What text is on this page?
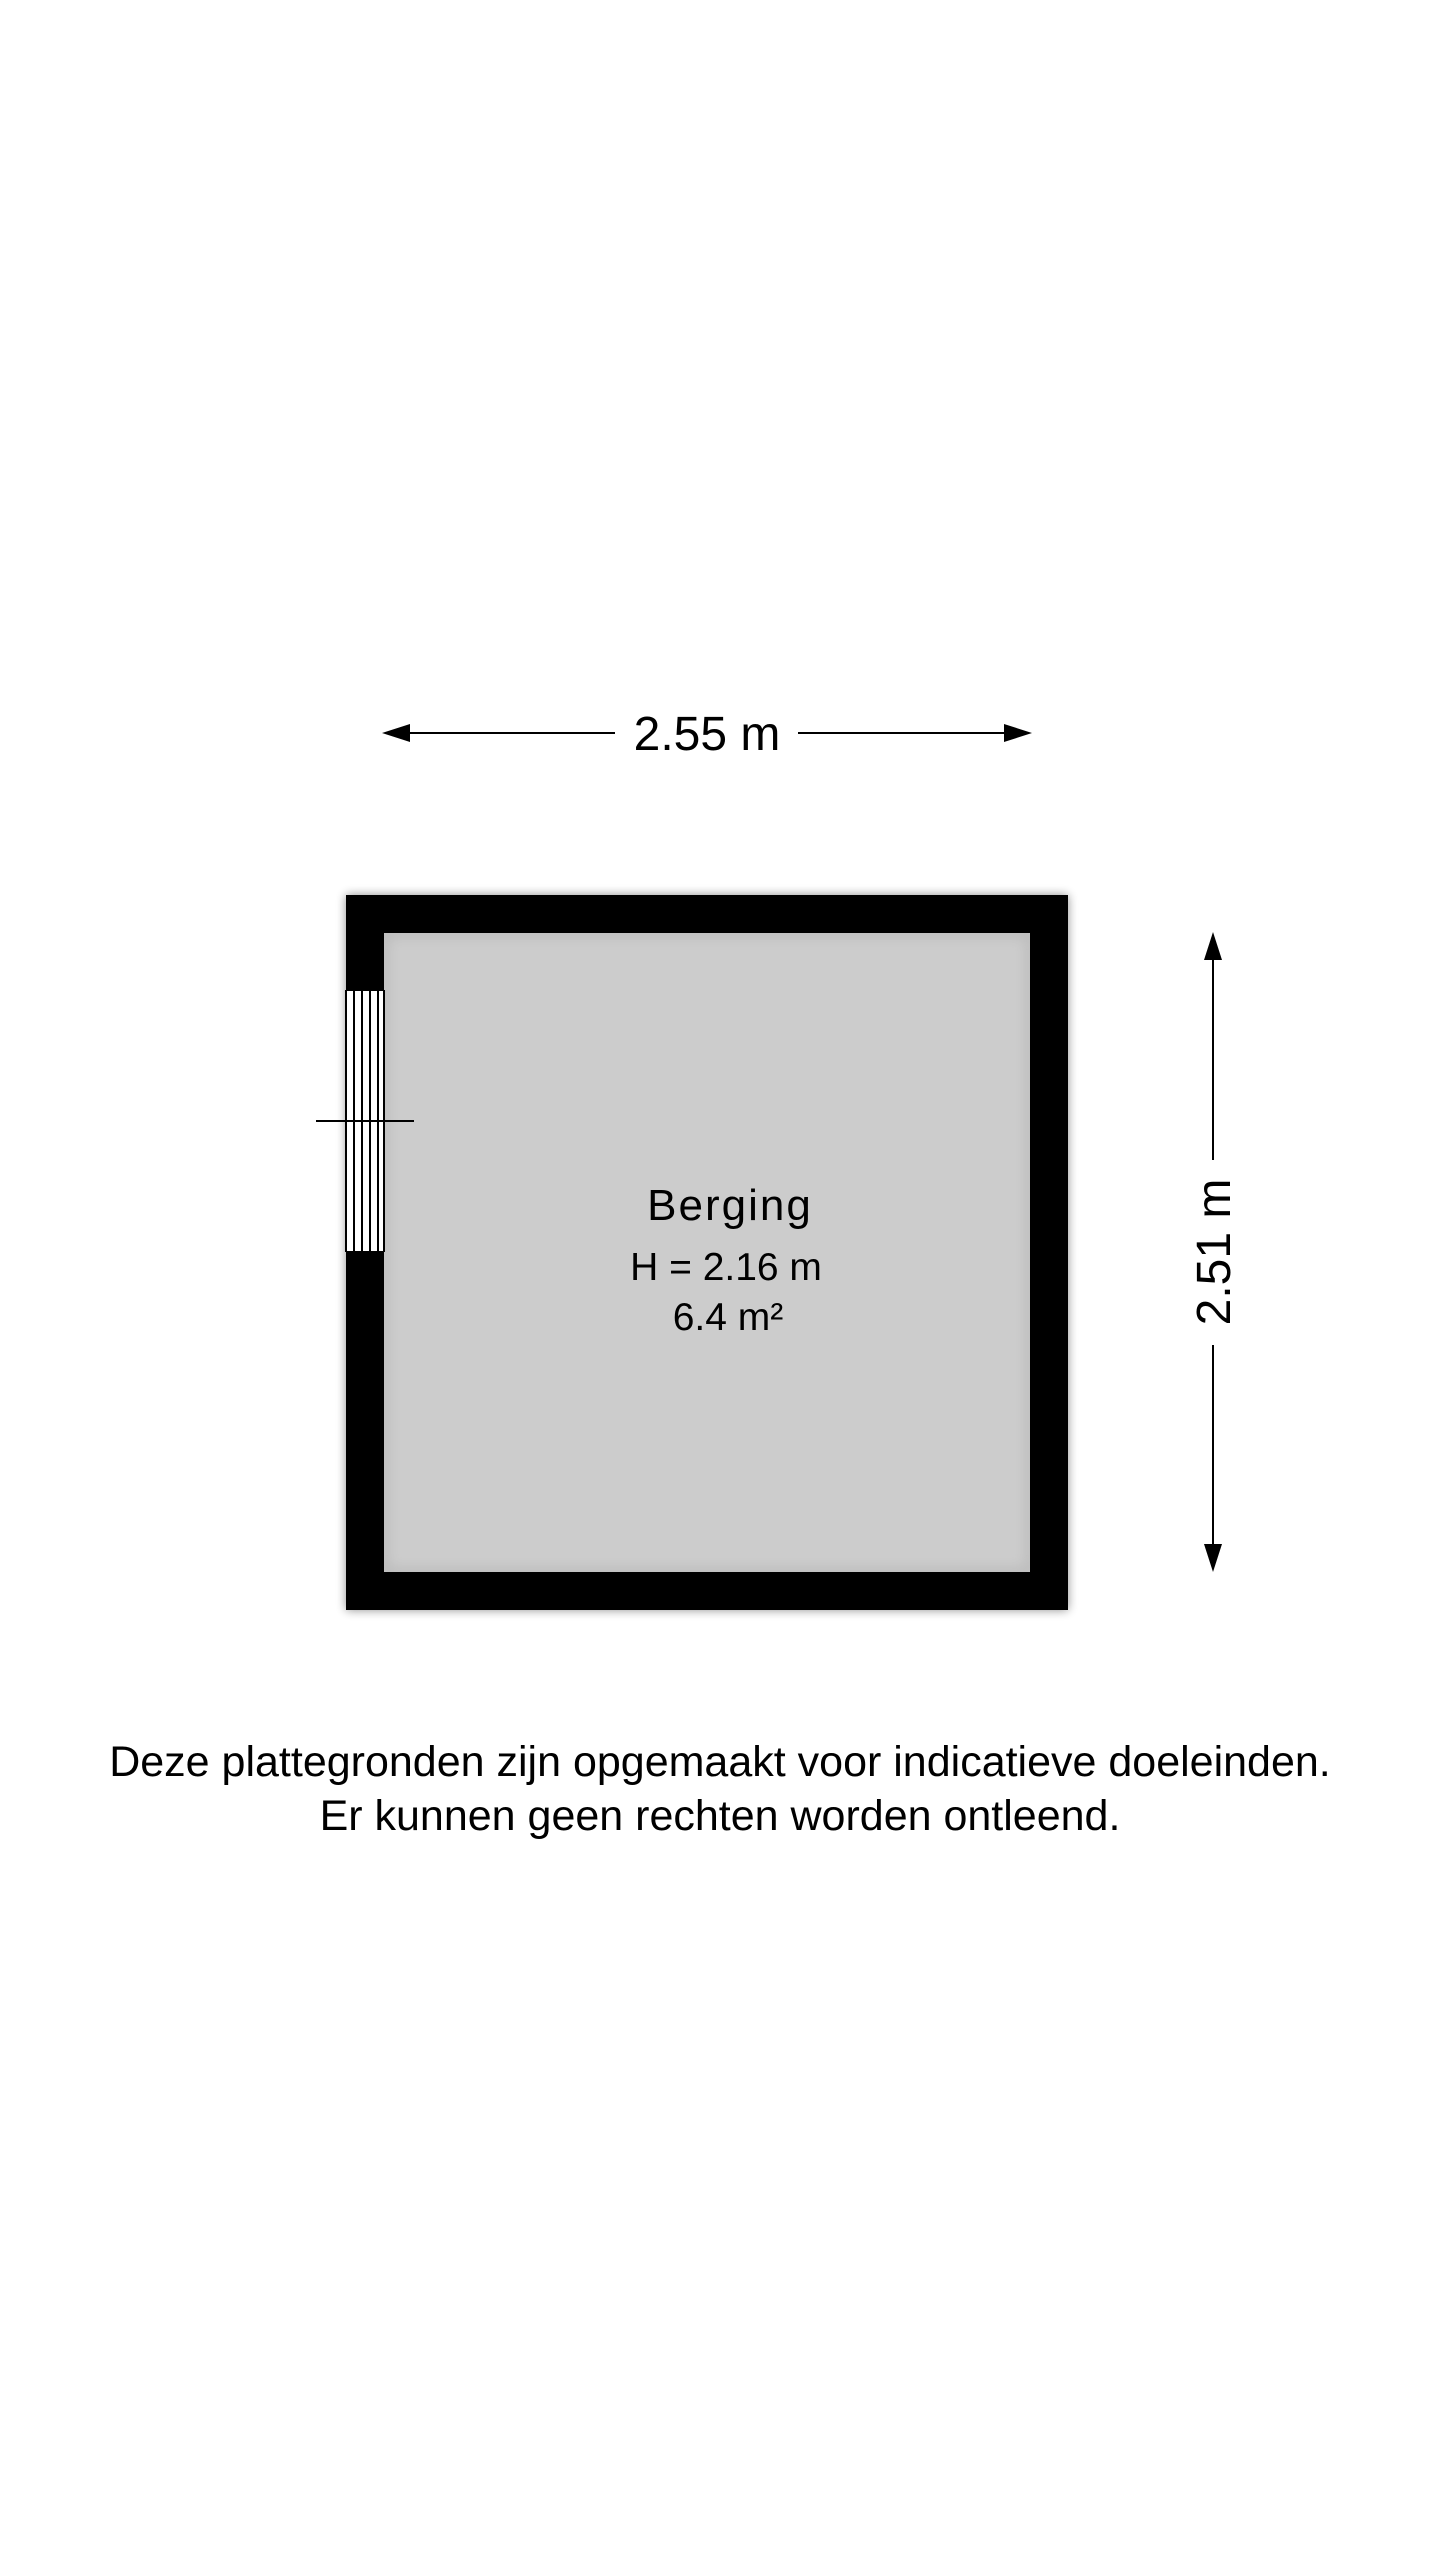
Berging
H = 2.16 m
6.4 m²
2.55 m
2.51 m
Deze plattegronden zijn opgemaakt voor indicatieve doeleinden.
Er kunnen geen rechten worden ontleend.
